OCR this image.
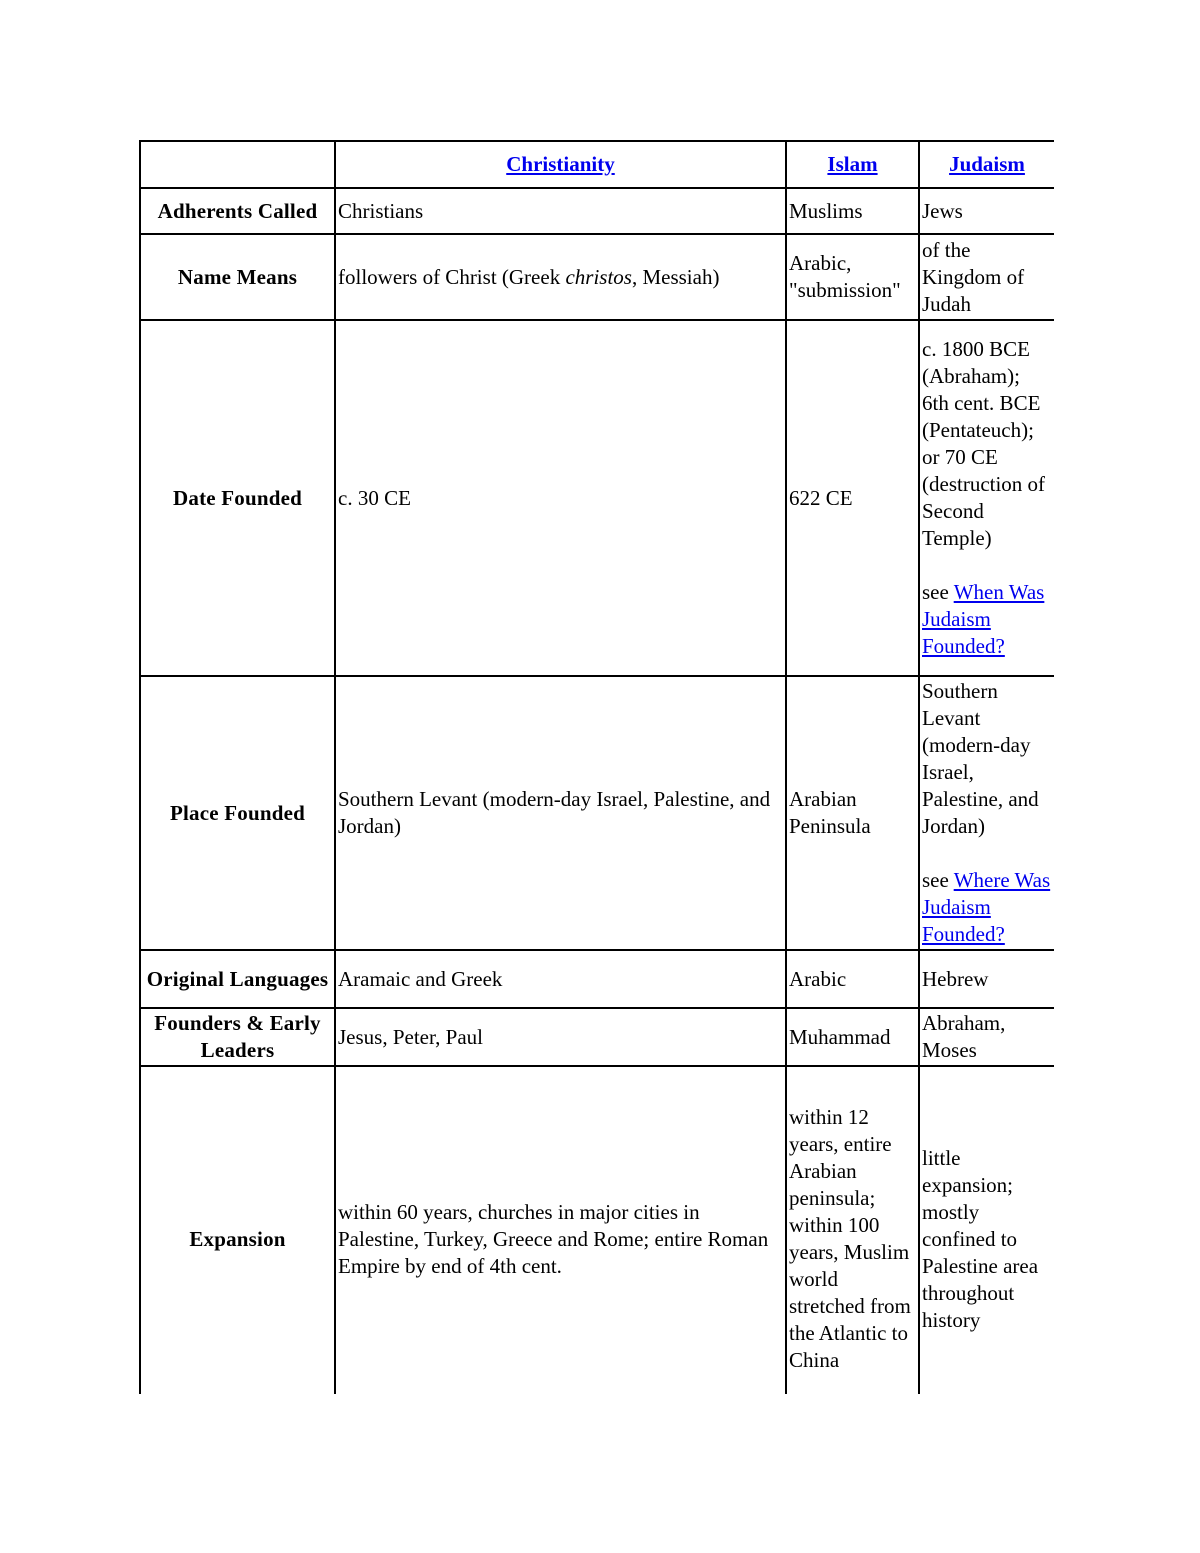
	Christianity	Islam	Judaism
Adherents Called	Christians	Muslims	Jews
Name Means	followers of Christ (Greek christos, Messiah)	Arabic, "submission"	of the Kingdom of Judah
Date Founded	c. 30 CE	622 CE	c. 1800 BCE (Abraham); 6th cent. BCE (Pentateuch); or 70 CE (destruction of Second Temple)
see When Was Judaism Founded?
Place Founded	Southern Levant (modern-day Israel, Palestine, and Jordan)	Arabian Peninsula	Southern Levant (modern-day Israel, Palestine, and Jordan)
see Where Was Judaism Founded?
Original Languages	Aramaic and Greek	Arabic	Hebrew
Founders & Early Leaders	Jesus, Peter, Paul	Muhammad	Abraham, Moses
Expansion	within 60 years, churches in major cities in Palestine, Turkey, Greece and Rome; entire Roman Empire by end of 4th cent.	within 12 years, entire Arabian peninsula; within 100 years, Muslim world stretched from the Atlantic to China	little expansion; mostly confined to Palestine area throughout history
